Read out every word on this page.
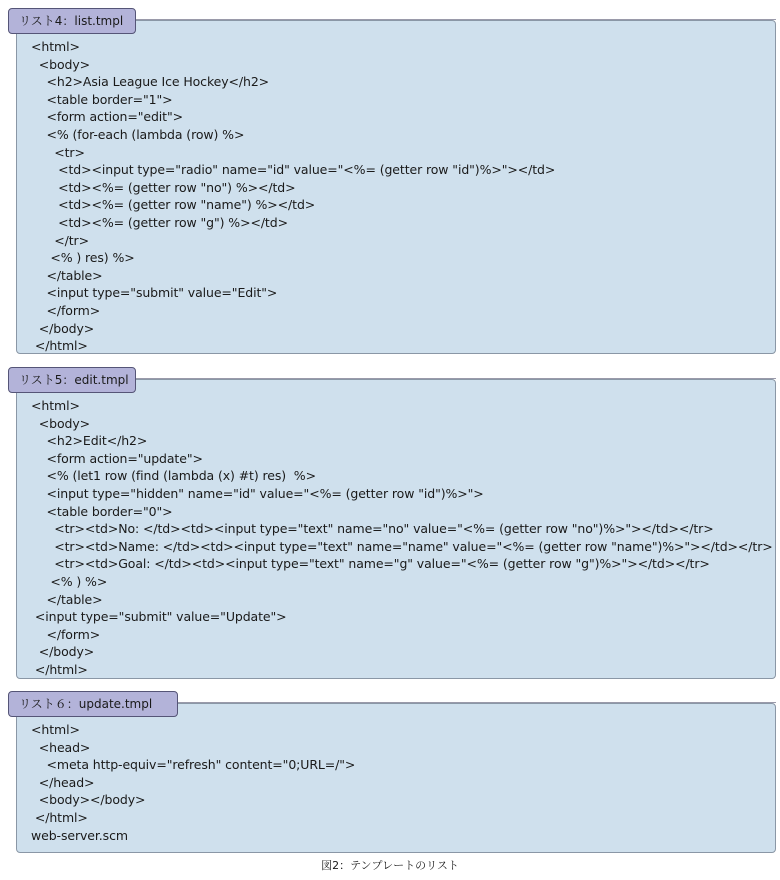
リスト4：list.tmpl
<html>
<body>
<h2>Asia League Ice Hockey</h2>
<table border="1">
<form action="edit">
<% (for-each (lambda (row) %>
<tr>
<td><input type="radio" name="id" value="<%= (getter row "id")%>"></td>
<td><%= (getter row "no") %></td>
<td><%= (getter row "name") %></td>
<td><%= (getter row "g") %></td>
</tr>
<% ) res) %>
</table>
<input type="submit" value="Edit">
</form>
</body>
</html>
リスト5：edit.tmpl
<html>
<body>
<h2>Edit</h2>
<form action="update">
<% (let1 row (find (lambda (x) #t) res)  %>
<input type="hidden" name="id" value="<%= (getter row "id")%>">
<table border="0">
<tr><td>No: </td><td><input type="text" name="no" value="<%= (getter row "no")%>"></td></tr>
<tr><td>Name: </td><td><input type="text" name="name" value="<%= (getter row "name")%>"></td></tr>
<tr><td>Goal: </td><td><input type="text" name="g" value="<%= (getter row "g")%>"></td></tr>
<% ) %>
</table>
<input type="submit" value="Update">
</form>
</body>
</html>
リスト６：update.tmpl
<html>
<head>
<meta http-equiv="refresh" content="0;URL=/">
</head>
<body></body>
</html>
web-server.scm
図2：テンプレートのリスト
